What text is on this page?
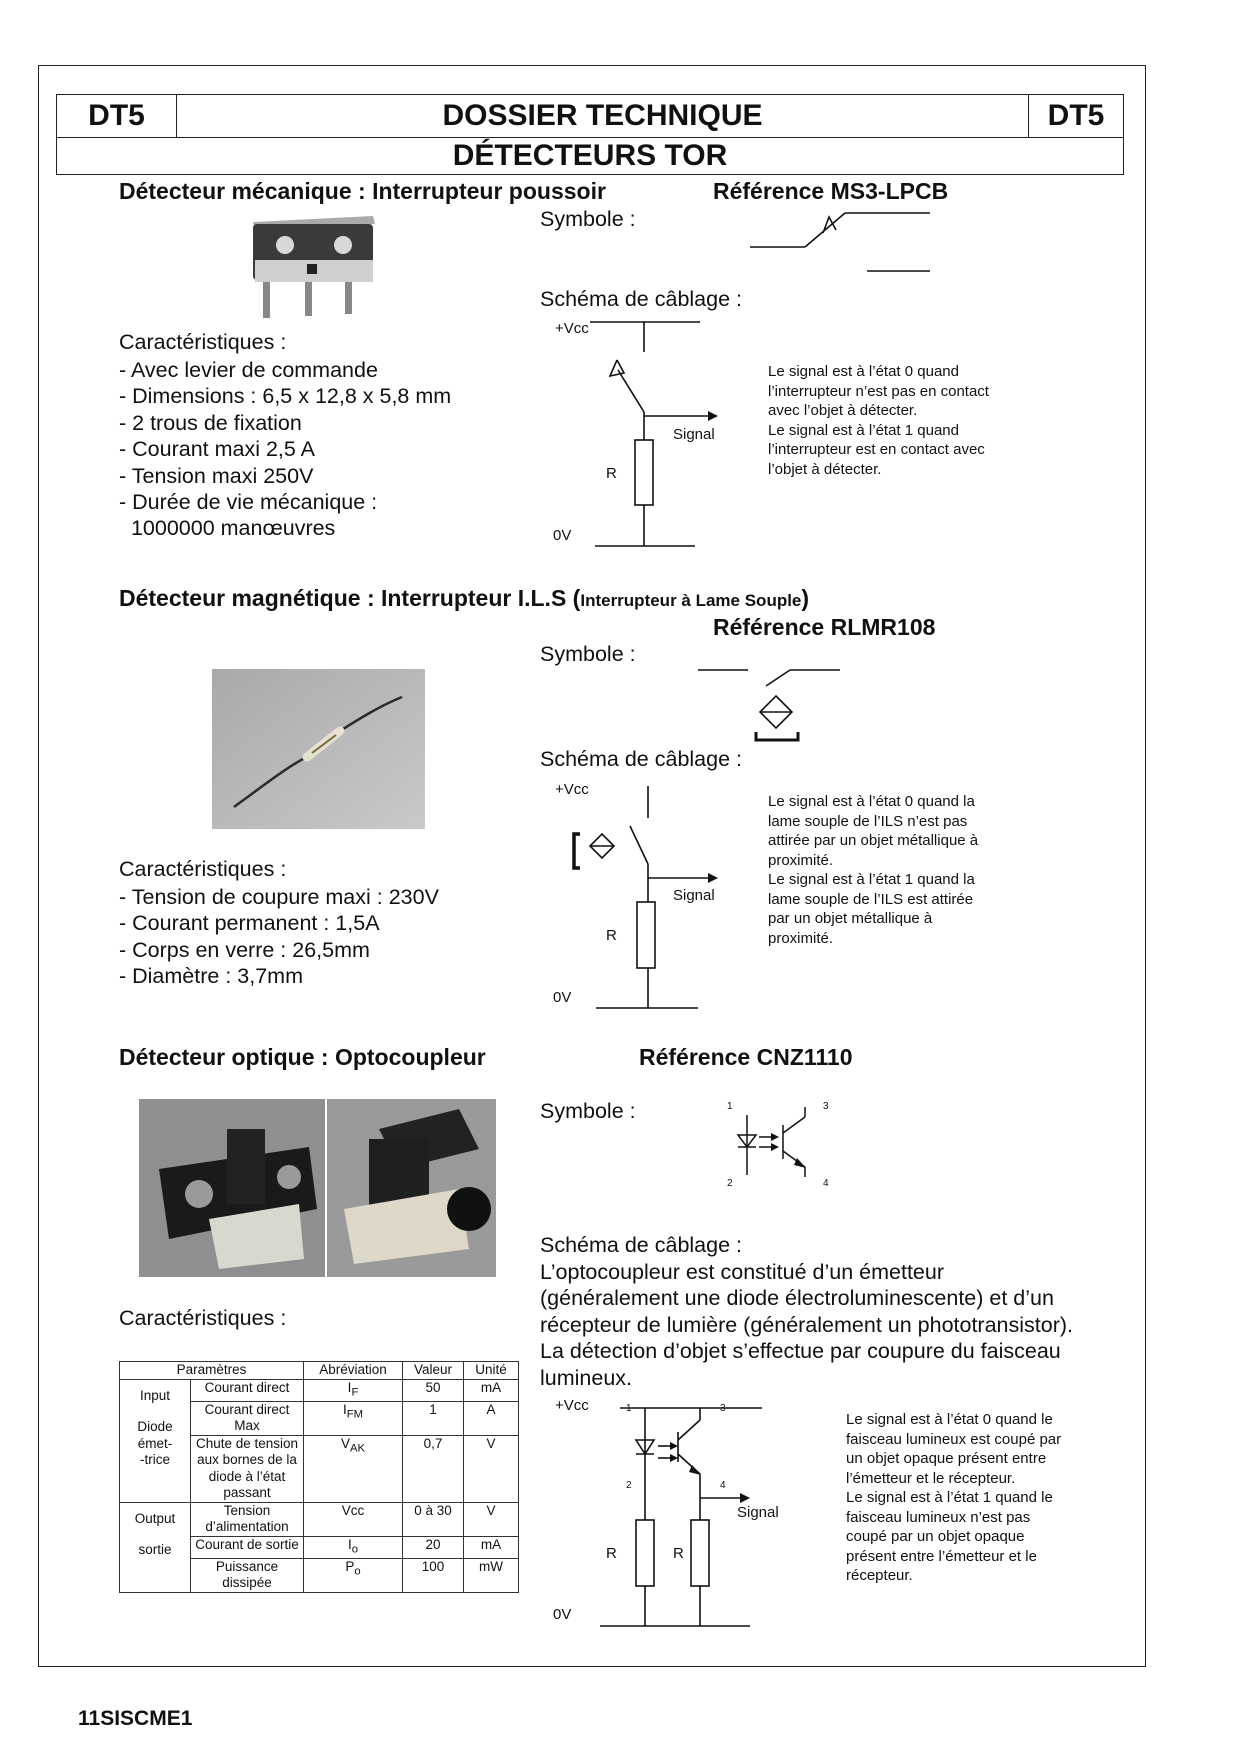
DT5	DOSSIER TECHNIQUE	DT5
DÉTECTEURS TOR
Détecteur mécanique : Interrupteur poussoir	Référence MS3-LPCB
Symbole :
Schéma de câblage :
Caractéristiques :
- Avec levier de commande
- Dimensions : 6,5 x 12,8 x 5,8 mm
- 2 trous de fixation
- Courant maxi 2,5 A
- Tension maxi 250V
- Durée de vie mécanique :
1000000 manœuvres
+Vcc
0V
Signal
R
Le signal est à l’état 0 quand
l’interrupteur n’est pas en contact
avec l’objet à détecter.
Le signal est à l’état 1 quand
l’interrupteur est en contact avec
l’objet à détecter.
Détecteur magnétique : Interrupteur I.L.S (Interrupteur à Lame Souple)
Référence RLMR108
Symbole :
Schéma de câblage :
+Vcc
0V
Signal
R
Le signal est à l’état 0 quand la
lame souple de l’ILS n’est pas
attirée par un objet métallique à
proximité.
Le signal est à l’état 1 quand la
lame souple de l’ILS est attirée
par un objet métallique à
proximité.
Caractéristiques :
- Tension de coupure maxi : 230V
- Courant permanent : 1,5A
- Corps en verre : 26,5mm
- Diamètre : 3,7mm
Détecteur optique : Optocoupleur	Référence CNZ1110
Symbole :	1
2
3
4
Schéma de câblage :
L’optocoupleur est constitué d’un émetteur
(généralement une diode électroluminescente) et d’un
récepteur de lumière (généralement un phototransistor).
La détection d’objet s’effectue par coupure du faisceau
lumineux.
Caractéristiques :
Paramètres		Abréviation	Valeur	Unité

Input
Diode
émet-
-trice	Courant direct	$I_F$	50	mA
	Courant direct Max	$I_{FM}$	1	A
	Chute de tension aux bornes de la diode à l’état passant	$V_{AK}$	0,7	V

Output
sortie	Tension d’alimentation	Vcc	0 à 30	V
	Courant de sortie	$I_o$	20	mA
	Puissance dissipée	$P_o$	100	mW
+Vcc
0V
Signal
R	R
1
2
3
4
Le signal est à l’état 0 quand le
faisceau lumineux est coupé par
un objet opaque présent entre
l’émetteur et le récepteur.
Le signal est à l’état 1 quand le
faisceau lumineux n’est pas
coupé par un objet opaque
présent entre l’émetteur et le
récepteur.
11SISCME1
